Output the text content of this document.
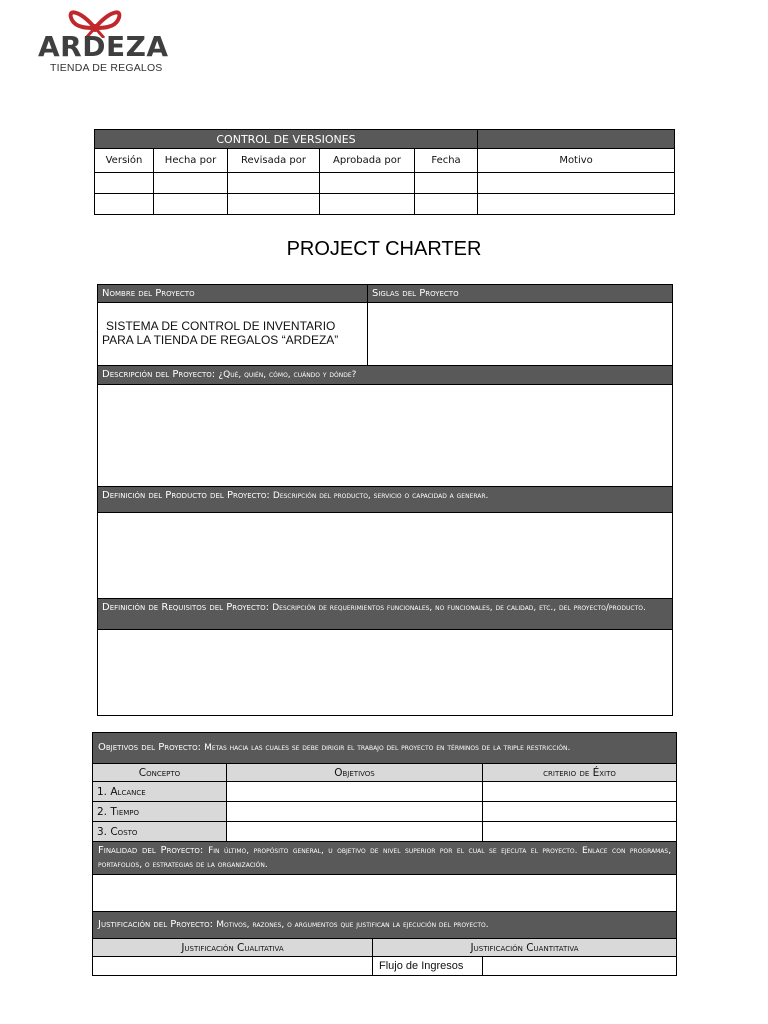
ARDEZA
TIENDA DE REGALOS
CONTROL DE VERSIONES					
Versión	Hecha por	Revisada por	Aprobada por	Fecha	Motivo

PROJECT CHARTER
Nombre del Proyecto	Siglas del Proyecto

SISTEMA DE CONTROL DE INVENTARIO
PARA LA TIENDA DE REGALOS “ARDEZA”	

Descripción del Proyecto: ¿Qué, quién, cómo, cuándo y dónde?	

Definición del Producto del Proyecto: Descripción del producto, servicio o capacidad a generar.	

Definición de Requisitos del Proyecto: Descripción de requerimientos funcionales, no funcionales, de calidad, etc., del proyecto/producto.	

Objetivos del Proyecto: Metas hacia las cuales se debe dirigir el trabajo del proyecto en términos de la triple restricción.			
Concepto	Objetivos		criterio de Éxito
1. Alcance			
2. Tiempo			
3. Costo			
Finalidad del Proyecto: Fin último, propósito general, u objetivo de nivel superior por el cual se ejecuta el proyecto. Enlace con programas, portafolios, o estrategias de la organización.			

Justificación del Proyecto: Motivos, razones, o argumentos que justifican la ejecución del proyecto.			
Justificación Cualitativa		Justificación Cuantitativa	
		Flujo de Ingresos	
